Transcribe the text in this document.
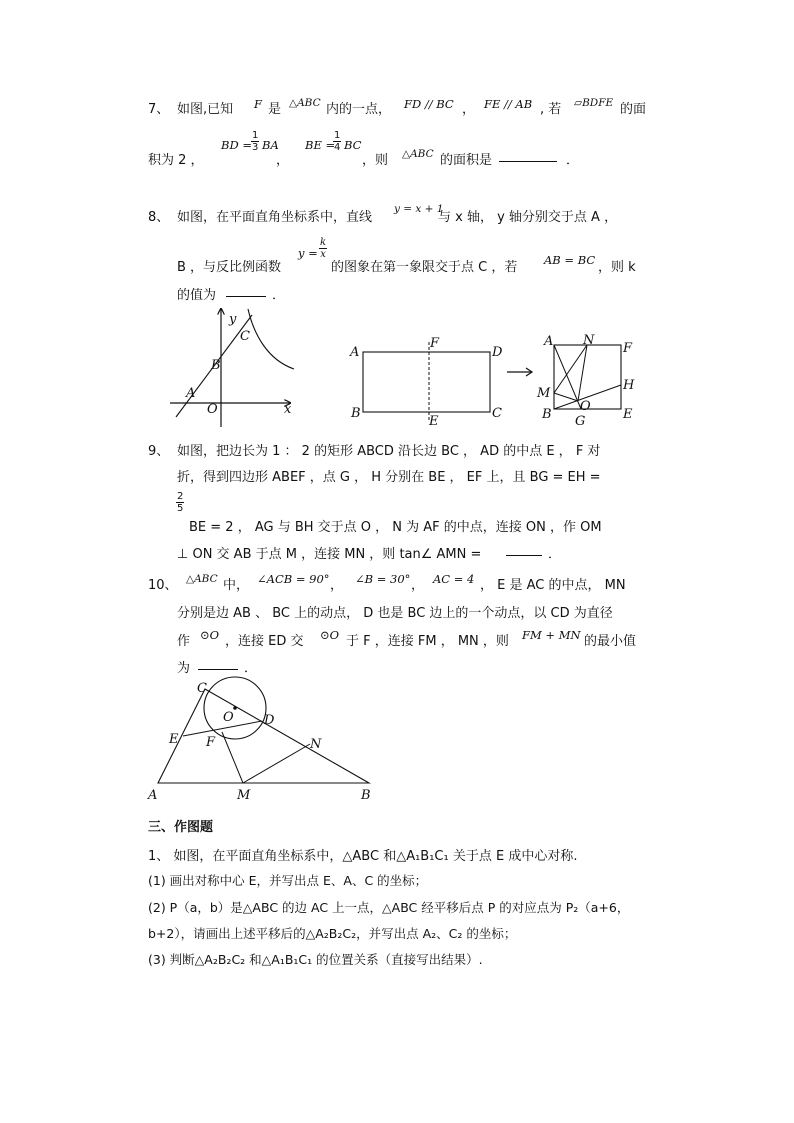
7、 如图,已知 F 是 △ABC 内的一点， FD // BC ， FE // AB , 若 ▱BDFE 的面
积为 2 ，
BD = $\frac{1}{3}$ BA
，
BE =
$\frac{1}{4}$ BC
，则 △ABC 的面积是	．
8、 如图，在平面直角坐标系中，直线
y = x + 1
与 x 轴， y 轴分别交于点 A ，
B ，与反比例函数
$y = \frac{k}{x}$
的图象在第一象限交于点 C ，若 AB = BC ，则 k
的值为	．
y
x
C
B
A
O
A
F
D
B
E
C
A N
F
H
M
O
B G	E
9、 如图，把边长为 1 ： 2 的矩形 ABCD 沿长边 BC ， AD 的中点 E ， F 对
折，得到四边形 ABEF ，点 G ， H 分别在 BE ， EF 上，且 BG = EH =
$\frac{2}{5}$
BE = 2 ， AG 与 BH 交于点 O ， N 为 AF 的中点，连接 ON ，作 OM
⊥ ON 交 AB 于点 M ，连接 MN ，则 tan∠ AMN =	．
10、 △ABC 中， ∠ACB = 90° ， ∠B = 30° ， AC = 4 ， E 是 AC 的中点， MN
分别是边 AB 、 BC 上的动点， D 也是 BC 边上的一个动点，以 CD 为直径
作 ⊙O ，连接 ED 交 ⊙O 于 F ，连接 FM ， MN ，则 FM + MN 的最小值
为	．
C
O D
E F	N
A	M	B
三、作图题
1、 如图，在平面直角坐标系中，△ABC 和△A₁B₁C₁ 关于点 E 成中心对称.
(1) 画出对称中心 E，并写出点 E、A、C 的坐标；
(2) P（a，b）是△ABC 的边 AC 上一点，△ABC 经平移后点 P 的对应点为 P₂（a+6，
b+2），请画出上述平移后的△A₂B₂C₂，并写出点 A₂、C₂ 的坐标；
(3) 判断△A₂B₂C₂ 和△A₁B₁C₁ 的位置关系（直接写出结果）.
